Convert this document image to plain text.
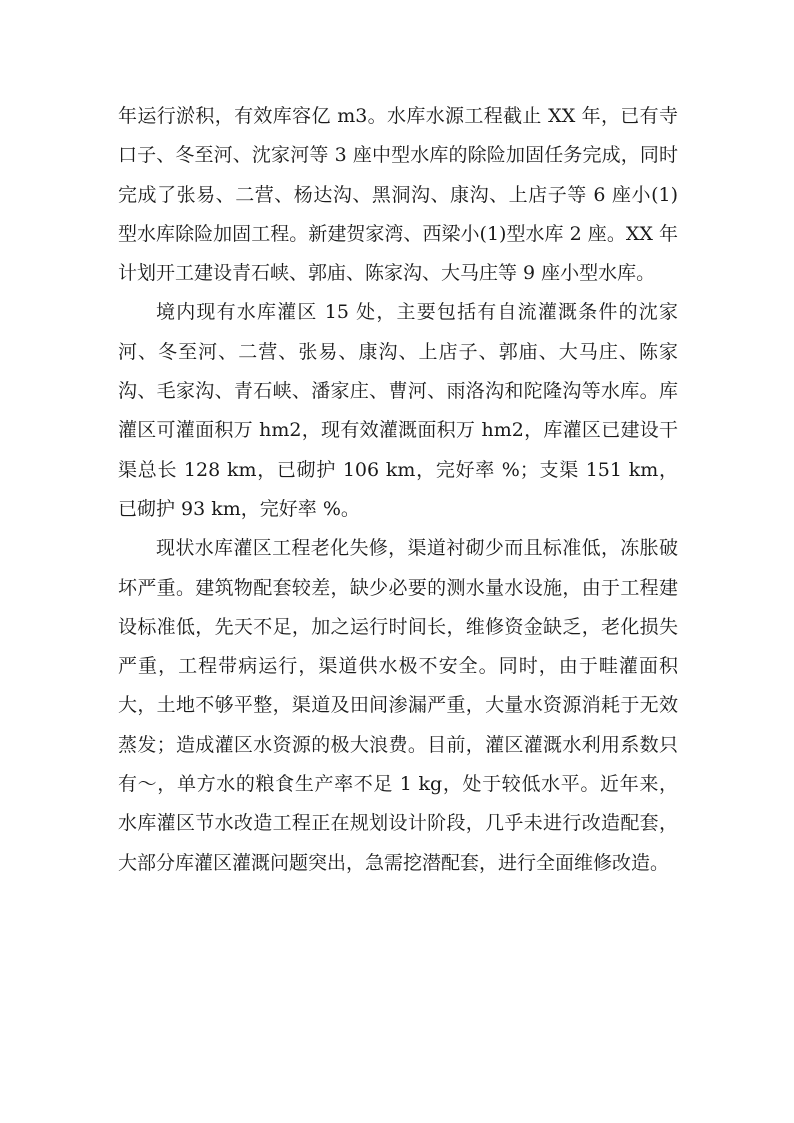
年运行淤积，有效库容亿 m3。水库水源工程截止 XX 年，已有寺口子、冬至河、沈家河等 3 座中型水库的除险加固任务完成，同时完成了张易、二营、杨达沟、黑洞沟、康沟、上店子等 6 座小(1)型水库除险加固工程。新建贺家湾、西梁小(1)型水库 2 座。XX 年计划开工建设青石峡、郭庙、陈家沟、大马庄等 9 座小型水库。

境内现有水库灌区 15 处，主要包括有自流灌溉条件的沈家河、冬至河、二营、张易、康沟、上店子、郭庙、大马庄、陈家沟、毛家沟、青石峡、潘家庄、曹河、雨洛沟和陀隆沟等水库。库灌区可灌面积万 hm2，现有效灌溉面积万 hm2，库灌区已建设干渠总长 128 km，已砌护 106 km，完好率 %；支渠 151 km，已砌护 93 km，完好率 %。

现状水库灌区工程老化失修，渠道衬砌少而且标准低，冻胀破坏严重。建筑物配套较差，缺少必要的测水量水设施，由于工程建设标准低，先天不足，加之运行时间长，维修资金缺乏，老化损失严重，工程带病运行，渠道供水极不安全。同时，由于畦灌面积大，土地不够平整，渠道及田间渗漏严重，大量水资源消耗于无效蒸发；造成灌区水资源的极大浪费。目前，灌区灌溉水利用系数只有～，单方水的粮食生产率不足 1 kg，处于较低水平。近年来，水库灌区节水改造工程正在规划设计阶段，几乎未进行改造配套，大部分库灌区灌溉问题突出，急需挖潜配套，进行全面维修改造。
